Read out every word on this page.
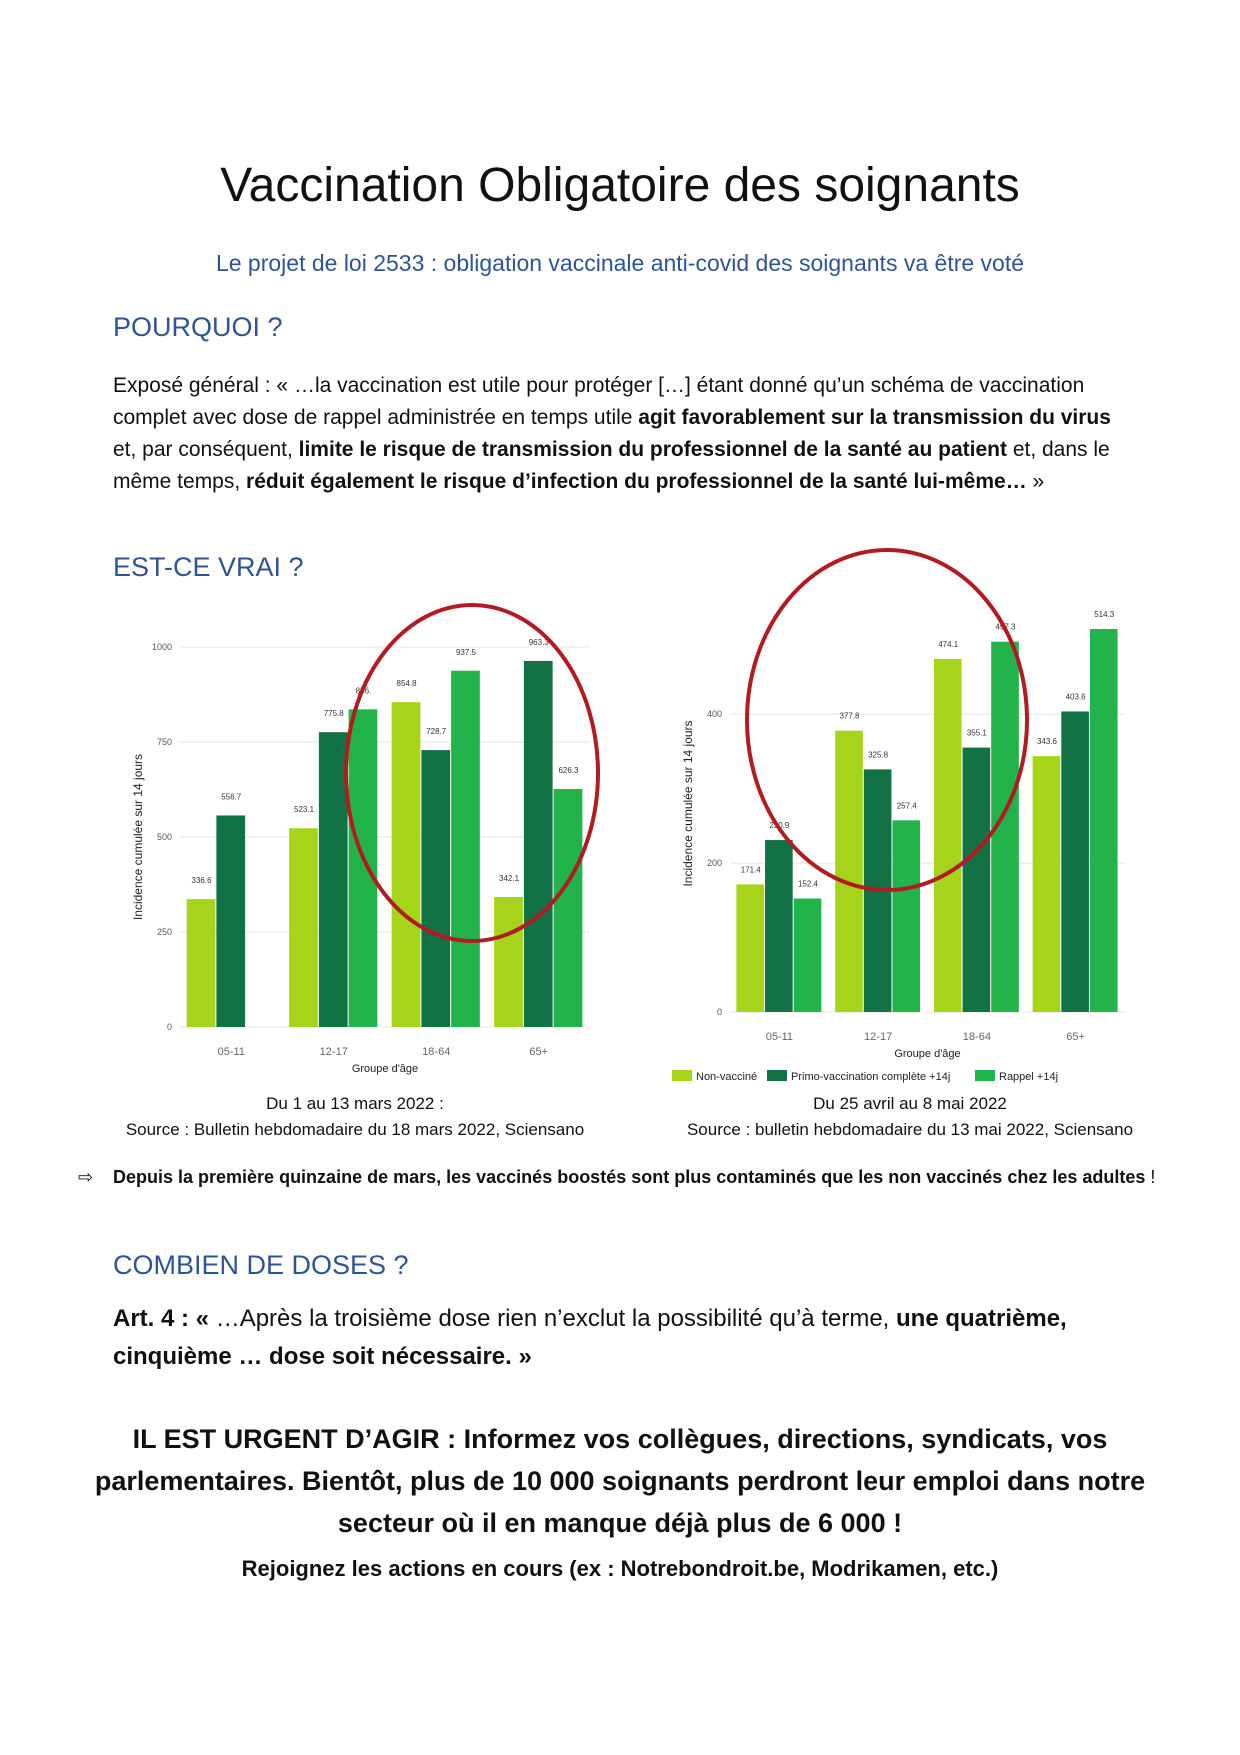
Vaccination Obligatoire des soignants
Le projet de loi 2533 : obligation vaccinale anti-covid des soignants va être voté
POURQUOI ?
Exposé général : « …la vaccination est utile pour protéger […] étant donné qu’un schéma de vaccination complet avec dose de rappel administrée en temps utile agit favorablement sur la transmission du virus et, par conséquent, limite le risque de transmission du professionnel de la santé au patient et, dans le même temps, réduit également le risque d’infection du professionnel de la santé lui-même… »
EST-CE VRAI ?
0
250
500
750
1000
Incidence cumulée sur 14 jours	336.6
556.7
05-11
523.1
775.8
836.
12-17
854.8
728.7
937.5
18-64
342.1
963.3
626.3
65+
Groupe d'âge
0
200
400
Incidence cumulée sur 14 jours	171.4
230.9
152.4
05-11
377.8
325.8
257.4
12-17
474.1
355.1
497.3
18-64
343.6
403.6
514.3
65+
Groupe d'âge
Non-vacciné	Primo-vaccination complète +14j	Rappel +14j
Du 1 au 13 mars 2022 :
Source : Bulletin hebdomadaire du 18 mars 2022, Sciensano
Du 25 avril au 8 mai 2022
Source : bulletin hebdomadaire du 13 mai 2022, Sciensano
⇨ Depuis la première quinzaine de mars, les vaccinés boostés sont plus contaminés que les non vaccinés chez les adultes !
COMBIEN DE DOSES ?
Art. 4 : « …Après la troisième dose rien n’exclut la possibilité qu’à terme, une quatrième, cinquième … dose soit nécessaire. »
IL EST URGENT D’AGIR : Informez vos collègues, directions, syndicats, vos parlementaires. Bientôt, plus de 10 000 soignants perdront leur emploi dans notre secteur où il en manque déjà plus de 6 000 !
Rejoignez les actions en cours (ex : Notrebondroit.be, Modrikamen, etc.)
